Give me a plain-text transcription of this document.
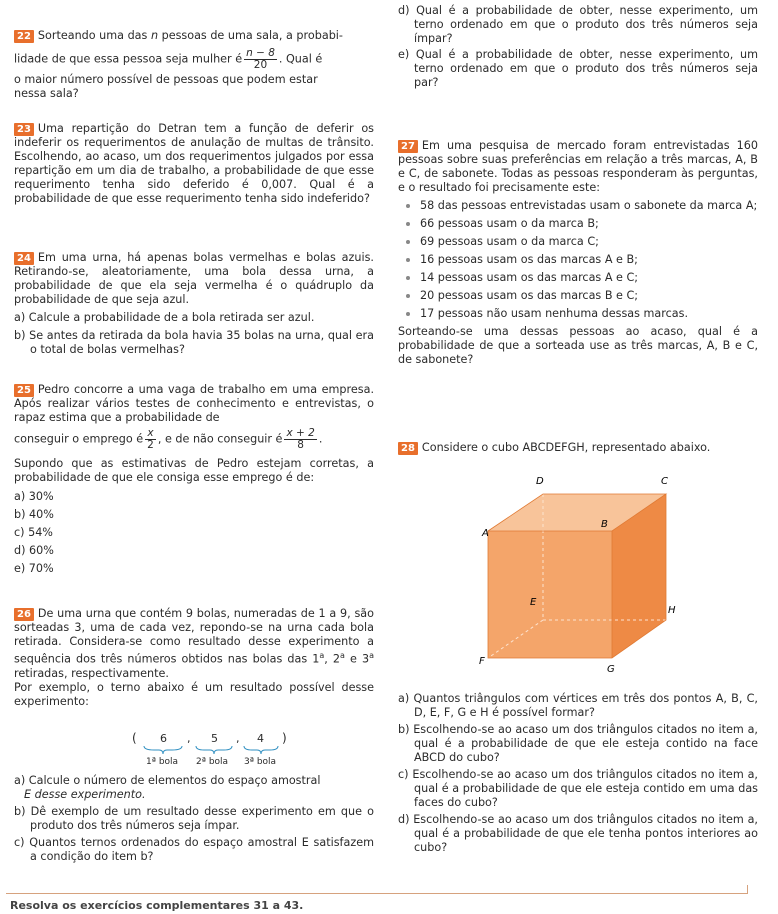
22 Sorteando uma das n pessoas de uma sala, a probabi-

lidade de que essa pessoa seja mulher é $\frac{n - 8}{20}$ . Qual é

o maior número possível de pessoas que podem estar

nessa sala?

23 Uma repartição do Detran tem a função de deferir os indeferir os requerimentos de anulação de multas de trânsito. Escolhendo, ao acaso, um dos requerimentos julgados por essa repartição em um dia de trabalho, a probabilidade de que esse requerimento tenha sido deferido é 0,007. Qual é a probabilidade de que esse requerimento tenha sido indeferido?

24 Em uma urna, há apenas bolas vermelhas e bolas azuis. Retirando-se, aleatoriamente, uma bola dessa urna, a probabilidade de que ela seja vermelha é o quádruplo da probabilidade de que seja azul.

a) Calcule a probabilidade de a bola retirada ser azul.

b) Se antes da retirada da bola havia 35 bolas na urna, qual era o total de bolas vermelhas?

25 Pedro concorre a uma vaga de trabalho em uma empresa. Após realizar vários testes de conhecimento e entrevistas, o rapaz estima que a probabilidade de

conseguir o emprego é $\frac{x}{2}$ , e de não conseguir é $\frac{x + 2}{8}$ .

Supondo que as estimativas de Pedro estejam corretas, a probabilidade de que ele consiga esse emprego é de:

a) 30%

b) 40%

c) 54%

d) 60%

e) 70%

26 De uma urna que contém 9 bolas, numeradas de 1 a 9, são sorteadas 3, uma de cada vez, repondo-se na urna cada bola retirada. Considera-se como resultado desse experimento a sequência dos três números obtidos nas bolas das 1$^a$, 2$^a$ e 3$^a$ retiradas, respectivamente.

Por exemplo, o terno abaixo é um resultado possível desse experimento:

( 6 , 5 , 4 )
1ª bola 2ª bola 3ª bola

a) Calcule o número de elementos do espaço amostral

E desse experimento.

b) Dê exemplo de um resultado desse experimento em que o produto dos três números seja ímpar.

c) Quantos ternos ordenados do espaço amostral E satisfazem a condição do item b?

d) Qual é a probabilidade de obter, nesse experimento, um terno ordenado em que o produto dos três números seja ímpar?

e) Qual é a probabilidade de obter, nesse experimento, um terno ordenado em que o produto dos três números seja par?

27 Em uma pesquisa de mercado foram entrevistadas 160 pessoas sobre suas preferências em relação a três marcas, A, B e C, de sabonete. Todas as pessoas responderam às perguntas, e o resultado foi precisamente este:

58 das pessoas entrevistadas usam o sabonete da marca A;

66 pessoas usam o da marca B;

69 pessoas usam o da marca C;

16 pessoas usam os das marcas A e B;

14 pessoas usam os das marcas A e C;

20 pessoas usam os das marcas B e C;

17 pessoas não usam nenhuma dessas marcas.

Sorteando-se uma dessas pessoas ao acaso, qual é a probabilidade de que a sorteada use as três marcas, A, B e C, de sabonete?

28 Considere o cubo ABCDEFGH, representado abaixo.

D	C
A
B
E
H
F
G

a) Quantos triângulos com vértices em três dos pontos A, B, C, D, E, F, G e H é possível formar?

b) Escolhendo-se ao acaso um dos triângulos citados no item a, qual é a probabilidade de que ele esteja contido na face ABCD do cubo?

c) Escolhendo-se ao acaso um dos triângulos citados no item a, qual é a probabilidade de que ele esteja contido em uma das faces do cubo?

d) Escolhendo-se ao acaso um dos triângulos citados no item a, qual é a probabilidade de que ele tenha pontos interiores ao cubo?

Resolva os exercícios complementares 31 a 43.
